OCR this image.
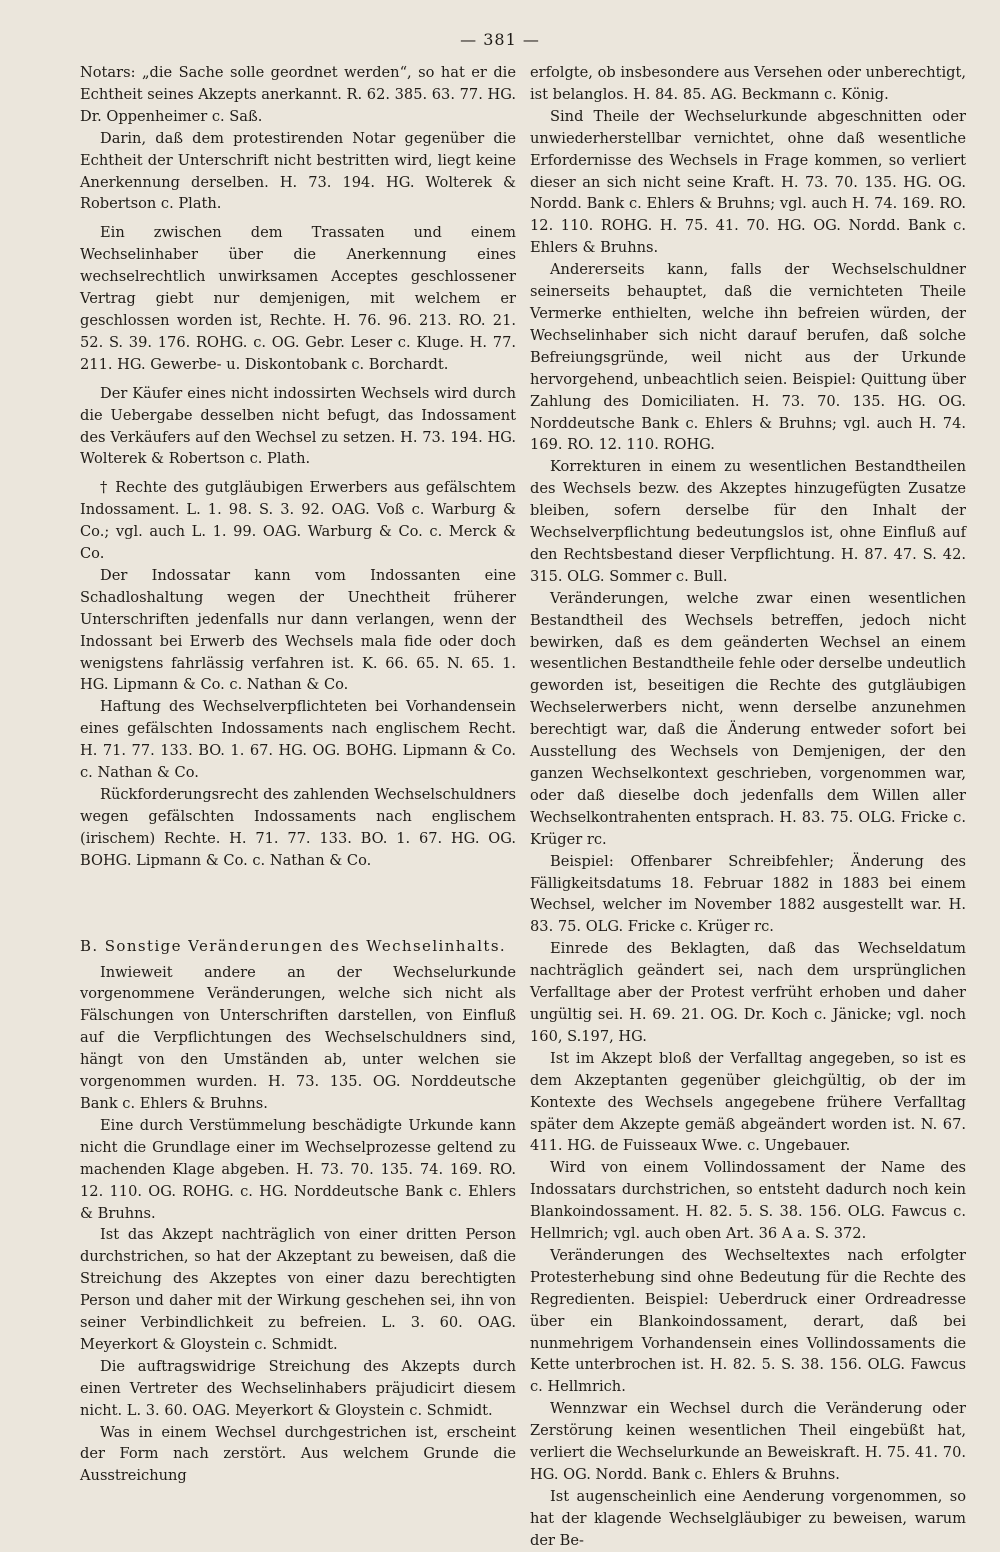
— 381 —

Notars: „die Sache solle geordnet werden“, so hat er die Echtheit seines Akzepts anerkannt. R. 62. 385. 63. 77. HG. Dr. Oppenheimer c. Saß.

Darin, daß dem protestirenden Notar gegenüber die Echtheit der Unterschrift nicht bestritten wird, liegt keine Anerkennung derselben. H. 73. 194. HG. Wolterek & Robertson c. Plath.

Ein zwischen dem Trassaten und einem Wechselinhaber über die Anerkennung eines wechselrechtlich unwirksamen Acceptes geschlossener Vertrag giebt nur demjenigen, mit welchem er geschlossen worden ist, Rechte. H. 76. 96. 213. RO. 21. 52. S. 39. 176. ROHG. c. OG. Gebr. Leser c. Kluge. H. 77. 211. HG. Gewerbe- u. Diskontobank c. Borchardt.

Der Käufer eines nicht indossirten Wechsels wird durch die Uebergabe desselben nicht befugt, das Indossament des Verkäufers auf den Wechsel zu setzen. H. 73. 194. HG. Wolterek & Robertson c. Plath.

† Rechte des gutgläubigen Erwerbers aus gefälschtem Indossament. L. 1. 98. S. 3. 92. OAG. Voß c. Warburg & Co.; vgl. auch L. 1. 99. OAG. Warburg & Co. c. Merck & Co.

Der Indossatar kann vom Indossanten eine Schadloshaltung wegen der Unechtheit früherer Unterschriften jedenfalls nur dann verlangen, wenn der Indossant bei Erwerb des Wechsels mala fide oder doch wenigstens fahrlässig verfahren ist. K. 66. 65. N. 65. 1. HG. Lipmann & Co. c. Nathan & Co.

Haftung des Wechselverpflichteten bei Vorhandensein eines gefälschten Indossaments nach englischem Recht. H. 71. 77. 133. BO. 1. 67. HG. OG. BOHG. Lipmann & Co. c. Nathan & Co.

Rückforderungsrecht des zahlenden Wechselschuldners wegen gefälschten Indossaments nach englischem (irischem) Rechte. H. 71. 77. 133. BO. 1. 67. HG. OG. BOHG. Lipmann & Co. c. Nathan & Co.

B. Sonstige Veränderungen des Wechselinhalts.

Inwieweit andere an der Wechselurkunde vorgenommene Veränderungen, welche sich nicht als Fälschungen von Unterschriften darstellen, von Einfluß auf die Verpflichtungen des Wechselschuldners sind, hängt von den Umständen ab, unter welchen sie vorgenommen wurden. H. 73. 135. OG. Norddeutsche Bank c. Ehlers & Bruhns.

Eine durch Verstümmelung beschädigte Urkunde kann nicht die Grundlage einer im Wechselprozesse geltend zu machenden Klage abgeben. H. 73. 70. 135. 74. 169. RO. 12. 110. OG. ROHG. c. HG. Norddeutsche Bank c. Ehlers & Bruhns.

Ist das Akzept nachträglich von einer dritten Person durchstrichen, so hat der Akzeptant zu beweisen, daß die Streichung des Akzeptes von einer dazu berechtigten Person und daher mit der Wirkung geschehen sei, ihn von seiner Verbindlichkeit zu befreien. L. 3. 60. OAG. Meyerkort & Gloystein c. Schmidt.

Die auftragswidrige Streichung des Akzepts durch einen Vertreter des Wechselinhabers präjudicirt diesem nicht. L. 3. 60. OAG. Meyerkort & Gloystein c. Schmidt.

Was in einem Wechsel durchgestrichen ist, erscheint der Form nach zerstört. Aus welchem Grunde die Ausstreichung

erfolgte, ob insbesondere aus Versehen oder unberechtigt, ist belanglos. H. 84. 85. AG. Beckmann c. König.

Sind Theile der Wechselurkunde abgeschnitten oder unwiederherstellbar vernichtet, ohne daß wesentliche Erfordernisse des Wechsels in Frage kommen, so verliert dieser an sich nicht seine Kraft. H. 73. 70. 135. HG. OG. Nordd. Bank c. Ehlers & Bruhns; vgl. auch H. 74. 169. RO. 12. 110. ROHG. H. 75. 41. 70. HG. OG. Nordd. Bank c. Ehlers & Bruhns.

Andererseits kann, falls der Wechselschuldner seinerseits behauptet, daß die vernichteten Theile Vermerke enthielten, welche ihn befreien würden, der Wechselinhaber sich nicht darauf berufen, daß solche Befreiungsgründe, weil nicht aus der Urkunde hervorgehend, unbeachtlich seien. Beispiel: Quittung über Zahlung des Domiciliaten. H. 73. 70. 135. HG. OG. Norddeutsche Bank c. Ehlers & Bruhns; vgl. auch H. 74. 169. RO. 12. 110. ROHG.

Korrekturen in einem zu wesentlichen Bestandtheilen des Wechsels bezw. des Akzeptes hinzugefügten Zusatze bleiben, sofern derselbe für den Inhalt der Wechselverpflichtung bedeutungslos ist, ohne Einfluß auf den Rechtsbestand dieser Verpflichtung. H. 87. 47. S. 42. 315. OLG. Sommer c. Bull.

Veränderungen, welche zwar einen wesentlichen Bestandtheil des Wechsels betreffen, jedoch nicht bewirken, daß es dem geänderten Wechsel an einem wesentlichen Bestandtheile fehle oder derselbe undeutlich geworden ist, beseitigen die Rechte des gutgläubigen Wechselerwerbers nicht, wenn derselbe anzunehmen berechtigt war, daß die Änderung entweder sofort bei Ausstellung des Wechsels von Demjenigen, der den ganzen Wechselkontext geschrieben, vorgenommen war, oder daß dieselbe doch jedenfalls dem Willen aller Wechselkontrahenten entsprach. H. 83. 75. OLG. Fricke c. Krüger rc.

Beispiel: Offenbarer Schreibfehler; Änderung des Fälligkeitsdatums 18. Februar 1882 in 1883 bei einem Wechsel, welcher im November 1882 ausgestellt war. H. 83. 75. OLG. Fricke c. Krüger rc.

Einrede des Beklagten, daß das Wechseldatum nachträglich geändert sei, nach dem ursprünglichen Verfalltage aber der Protest verfrüht erhoben und daher ungültig sei. H. 69. 21. OG. Dr. Koch c. Jänicke; vgl. noch 160, S.197, HG.

Ist im Akzept bloß der Verfalltag angegeben, so ist es dem Akzeptanten gegenüber gleichgültig, ob der im Kontexte des Wechsels angegebene frühere Verfalltag später dem Akzepte gemäß abgeändert worden ist. N. 67. 411. HG. de Fuisseaux Wwe. c. Ungebauer.

Wird von einem Vollindossament der Name des Indossatars durchstrichen, so entsteht dadurch noch kein Blankoindossament. H. 82. 5. S. 38. 156. OLG. Fawcus c. Hellmrich; vgl. auch oben Art. 36 A a. S. 372.

Veränderungen des Wechseltextes nach erfolgter Protesterhebung sind ohne Bedeutung für die Rechte des Regredienten. Beispiel: Ueberdruck einer Ordreadresse über ein Blankoindossament, derart, daß bei nunmehrigem Vorhandensein eines Vollindossaments die Kette unterbrochen ist. H. 82. 5. S. 38. 156. OLG. Fawcus c. Hellmrich.

Wennzwar ein Wechsel durch die Veränderung oder Zerstörung keinen wesentlichen Theil eingebüßt hat, verliert die Wechselurkunde an Beweiskraft. H. 75. 41. 70. HG. OG. Nordd. Bank c. Ehlers & Bruhns.

Ist augenscheinlich eine Aenderung vorgenommen, so hat der klagende Wechselgläubiger zu beweisen, warum der Be-
